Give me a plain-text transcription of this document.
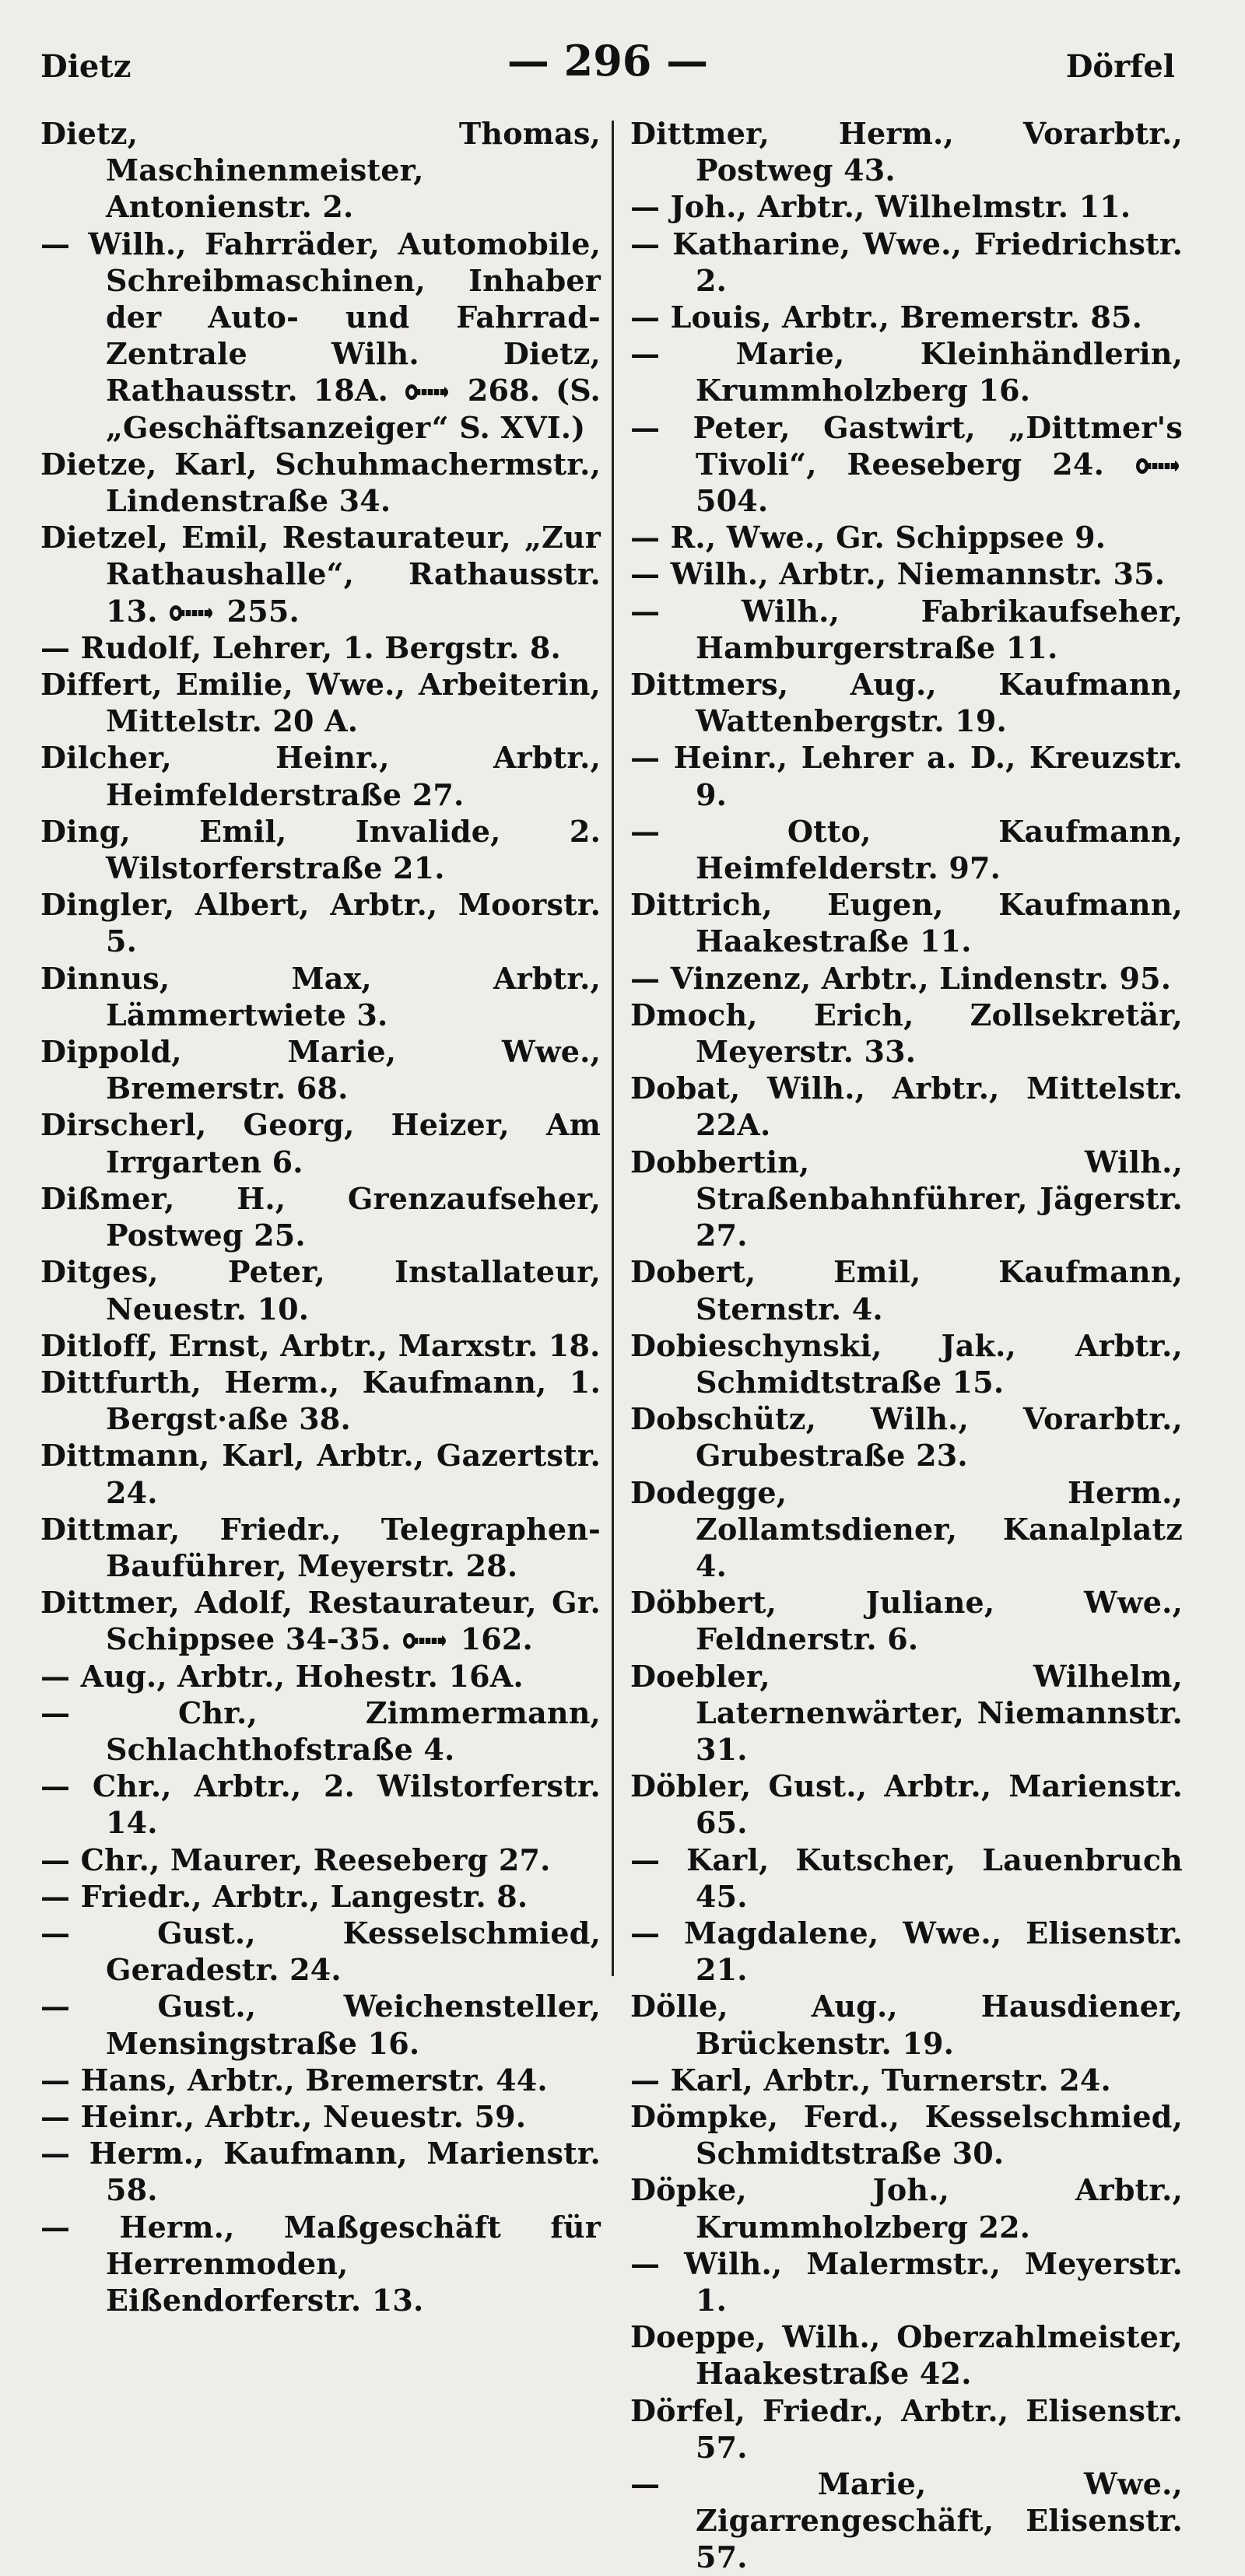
Dietz	— 296 —	Dörfel
Dietz, Thomas, Maschinenmeister, Antonienstr. 2.
— Wilh., Fahrräder, Automobile, Schreibmaschinen, Inhaber der Auto- und Fahrrad-Zentrale Wilh. Dietz, Rathausstr. 18A.	268. (S. „Geschäftsanzeiger“ S. XVI.)
Dietze, Karl, Schuhmachermstr., Lindenstraße 34.
Dietzel, Emil, Restaurateur, „Zur Rathaushalle“, Rathausstr. 13. 255.
— Rudolf, Lehrer, 1. Bergstr. 8.
Differt, Emilie, Wwe., Arbeiterin, Mittelstr. 20 A.
Dilcher, Heinr., Arbtr., Heimfelderstraße 27.
Ding, Emil, Invalide, 2. Wilstorferstraße 21.
Dingler, Albert, Arbtr., Moorstr. 5.
Dinnus, Max, Arbtr., Lämmertwiete 3.
Dippold, Marie, Wwe., Bremerstr. 68.
Dirscherl, Georg, Heizer, Am Irrgarten 6.
Dißmer, H., Grenzaufseher, Postweg 25.
Ditges, Peter, Installateur, Neuestr. 10.
Ditloff, Ernst, Arbtr., Marxstr. 18.
Dittfurth, Herm., Kaufmann, 1. Bergst·aße 38.
Dittmann, Karl, Arbtr., Gazertstr. 24.
Dittmar, Friedr., Telegraphen-Bauführer, Meyerstr. 28.
Dittmer, Adolf, Restaurateur, Gr. Schippsee 34-35. 162.
— Aug., Arbtr., Hohestr. 16A.
— Chr., Zimmermann, Schlachthofstraße 4.
— Chr., Arbtr., 2. Wilstorferstr. 14.
— Chr., Maurer, Reeseberg 27.
— Friedr., Arbtr., Langestr. 8.
— Gust., Kesselschmied, Geradestr. 24.
— Gust., Weichensteller, Mensingstraße 16.
— Hans, Arbtr., Bremerstr. 44.
— Heinr., Arbtr., Neuestr. 59.
— Herm., Kaufmann, Marienstr. 58.
— Herm., Maßgeschäft für Herrenmoden, Eißendorferstr. 13.
Dittmer, Herm., Vorarbtr., Postweg 43.
— Joh., Arbtr., Wilhelmstr. 11.
— Katharine, Wwe., Friedrichstr. 2.
— Louis, Arbtr., Bremerstr. 85.
— Marie, Kleinhändlerin, Krummholzberg 16.
— Peter, Gastwirt, „Dittmer's Tivoli“, Reeseberg 24.  504.
— R., Wwe., Gr. Schippsee 9.
— Wilh., Arbtr., Niemannstr. 35.
— Wilh., Fabrikaufseher, Hamburgerstraße 11.
Dittmers, Aug., Kaufmann, Wattenbergstr. 19.
— Heinr., Lehrer a. D., Kreuzstr. 9.
— Otto, Kaufmann, Heimfelderstr. 97.
Dittrich, Eugen, Kaufmann, Haakestraße 11.
— Vinzenz, Arbtr., Lindenstr. 95.
Dmoch, Erich, Zollsekretär, Meyerstr. 33.
Dobat, Wilh., Arbtr., Mittelstr. 22A.
Dobbertin, Wilh., Straßenbahnführer, Jägerstr. 27.
Dobert, Emil, Kaufmann, Sternstr. 4.
Dobieschynski, Jak., Arbtr., Schmidtstraße 15.
Dobschütz, Wilh., Vorarbtr., Grubestraße 23.
Dodegge, Herm., Zollamtsdiener, Kanalplatz 4.
Döbbert, Juliane, Wwe., Feldnerstr. 6.
Doebler, Wilhelm, Laternenwärter, Niemannstr. 31.
Döbler, Gust., Arbtr., Marienstr. 65.
— Karl, Kutscher, Lauenbruch 45.
— Magdalene, Wwe., Elisenstr. 21.
Dölle, Aug., Hausdiener, Brückenstr. 19.
— Karl, Arbtr., Turnerstr. 24.
Dömpke, Ferd., Kesselschmied, Schmidtstraße 30.
Döpke, Joh., Arbtr., Krummholzberg 22.
— Wilh., Malermstr., Meyerstr. 1.
Doeppe, Wilh., Oberzahlmeister, Haakestraße 42.
Dörfel, Friedr., Arbtr., Elisenstr. 57.
— Marie, Wwe., Zigarrengeschäft, Elisenstr. 57.
